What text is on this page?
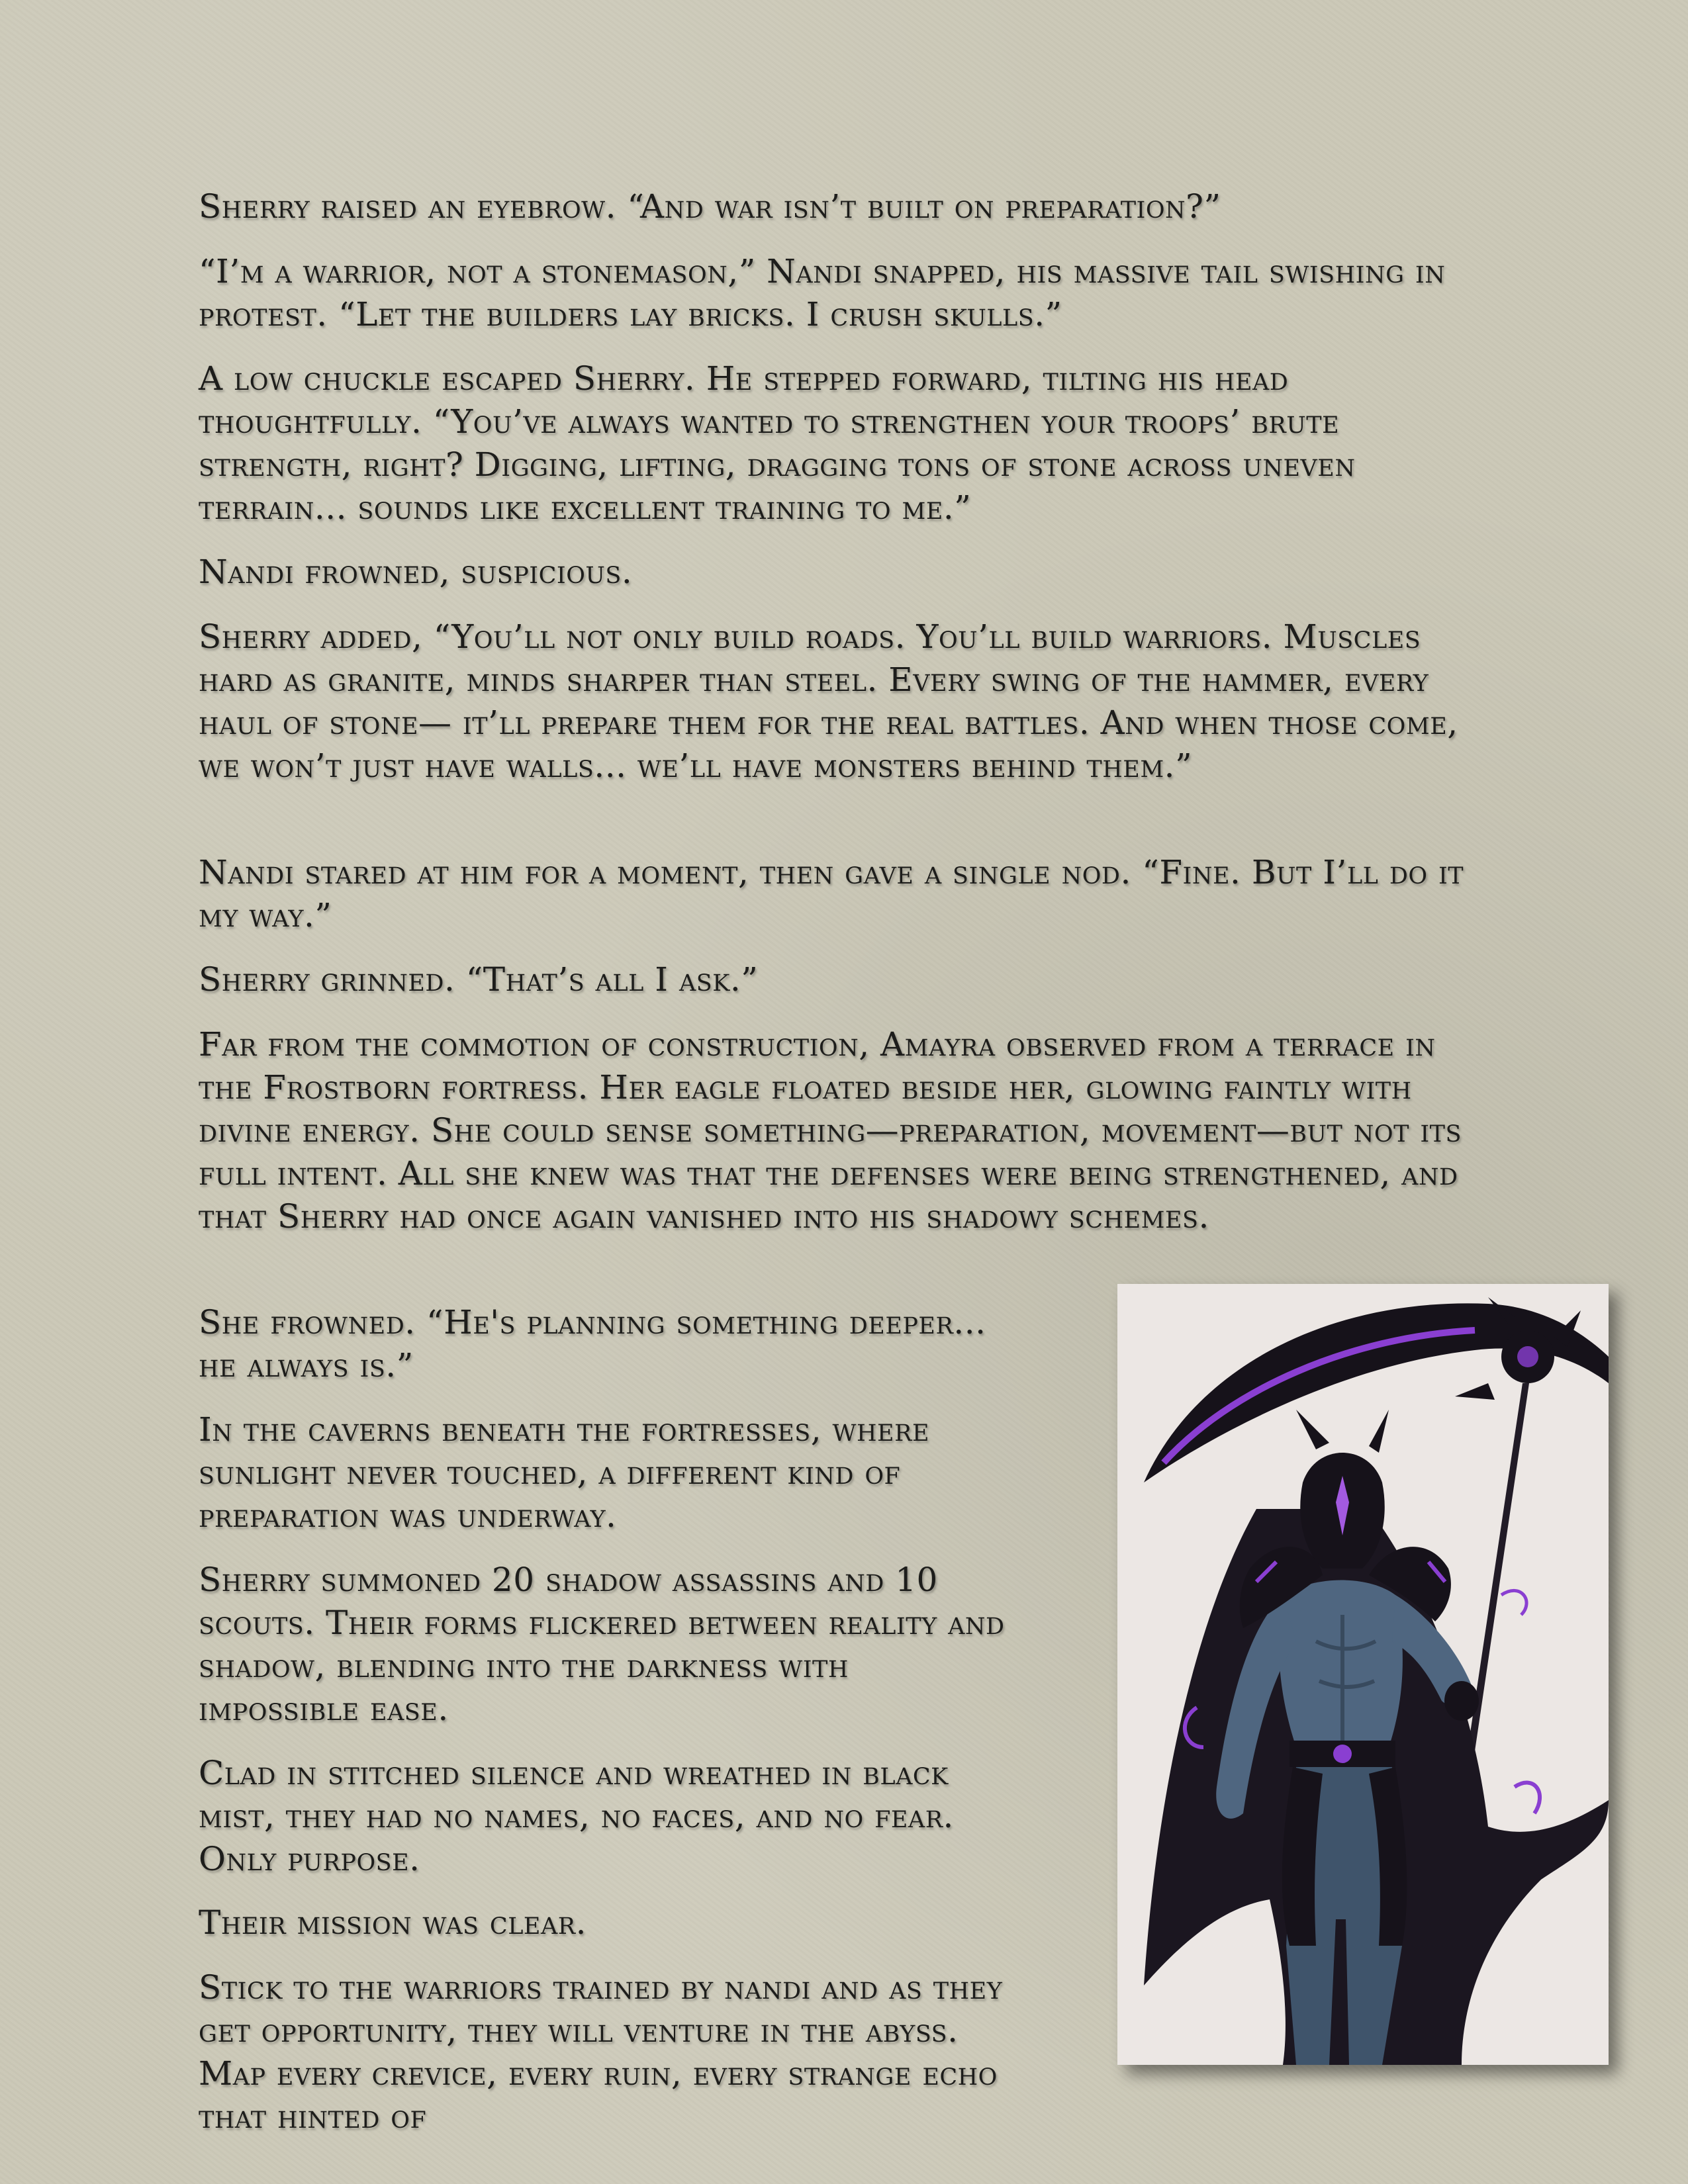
Sherry raised an eyebrow. “And war isn’t built on preparation?”

“I’m a warrior, not a stonemason,” Nandi snapped, his massive tail swishing in protest. “Let the builders lay bricks. I crush skulls.”

A low chuckle escaped Sherry. He stepped forward, tilting his head thoughtfully. “You’ve always wanted to strengthen your troops’ brute strength, right? Digging, lifting, dragging tons of stone across uneven terrain... sounds like excellent training to me.”

Nandi frowned, suspicious.

Sherry added, “You’ll not only build roads. You’ll build warriors. Muscles hard as granite, minds sharper than steel. Every swing of the hammer, every haul of stone— it’ll prepare them for the real battles. And when those come, we won’t just have walls... we’ll have monsters behind them.”

Nandi stared at him for a moment, then gave a single nod. “Fine. But I’ll do it my way.”

Sherry grinned. “That’s all I ask.”

Far from the commotion of construction, Amayra observed from a terrace in the Frostborn fortress. Her eagle floated beside her, glowing faintly with divine energy. She could sense something—preparation, movement—but not its full intent. All she knew was that the defenses were being strengthened, and that Sherry had once again vanished into his shadowy schemes.

She frowned. “He's planning something deeper... he always is.”

In the caverns beneath the fortresses, where sunlight never touched, a different kind of preparation was underway.

Sherry summoned 20 shadow assassins and 10 scouts. Their forms flickered between reality and shadow, blending into the darkness with impossible ease.

Clad in stitched silence and wreathed in black mist, they had no names, no faces, and no fear. Only purpose.

Their mission was clear.

Stick to the warriors trained by nandi and as they get opportunity, they will venture in the abyss. Map every crevice, every ruin, every strange echo that hinted of
